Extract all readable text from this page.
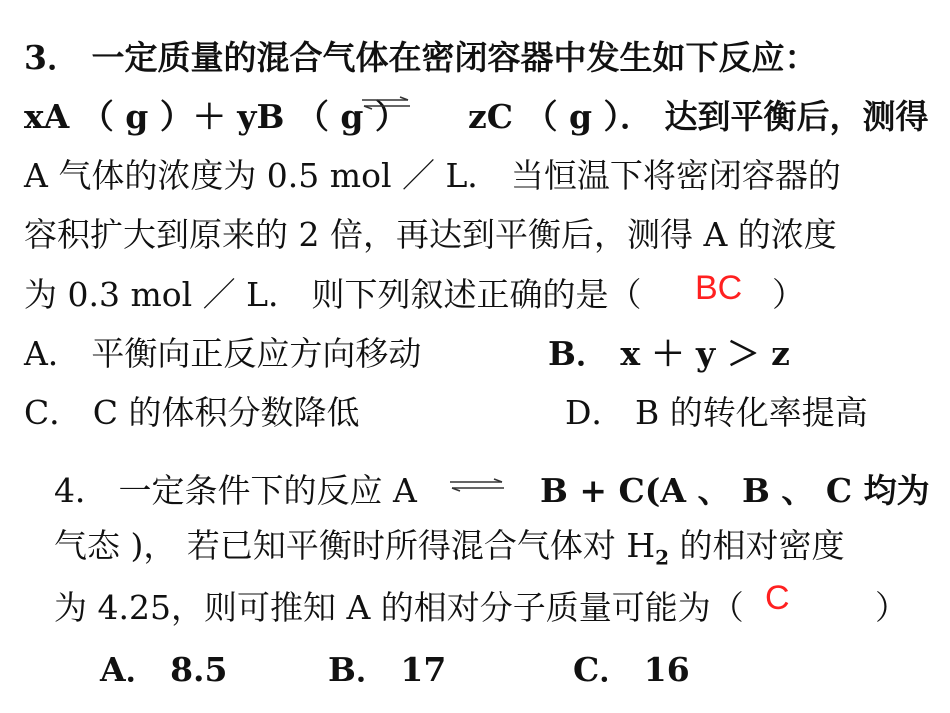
3． 一定质量的混合气体在密闭容器中发生如下反应：
xA （ g ）＋ yB （ g ） zC （ g ）． 达到平衡后，测得
A 气体的浓度为 0.5 mol ／ L． 当恒温下将密闭容器的
容积扩大到原来的 2 倍，再达到平衡后，测得 A 的浓度
为 0.3 mol ／ L． 则下列叙述正确的是（ BC ）
A． 平衡向正反应方向移动	B． x ＋ y ＞ z
C． C 的体积分数降低	D． B 的转化率提高
4． 一定条件下的反应 A	B + C(A 、 B 、 C 均为
气态 )， 若已知平衡时所得混合气体对 $H_2$ 的相对密度
为 4.25，则可推知 A 的相对分子质量可能为（ C	）
A． 8.5	B． 17	C． 16
